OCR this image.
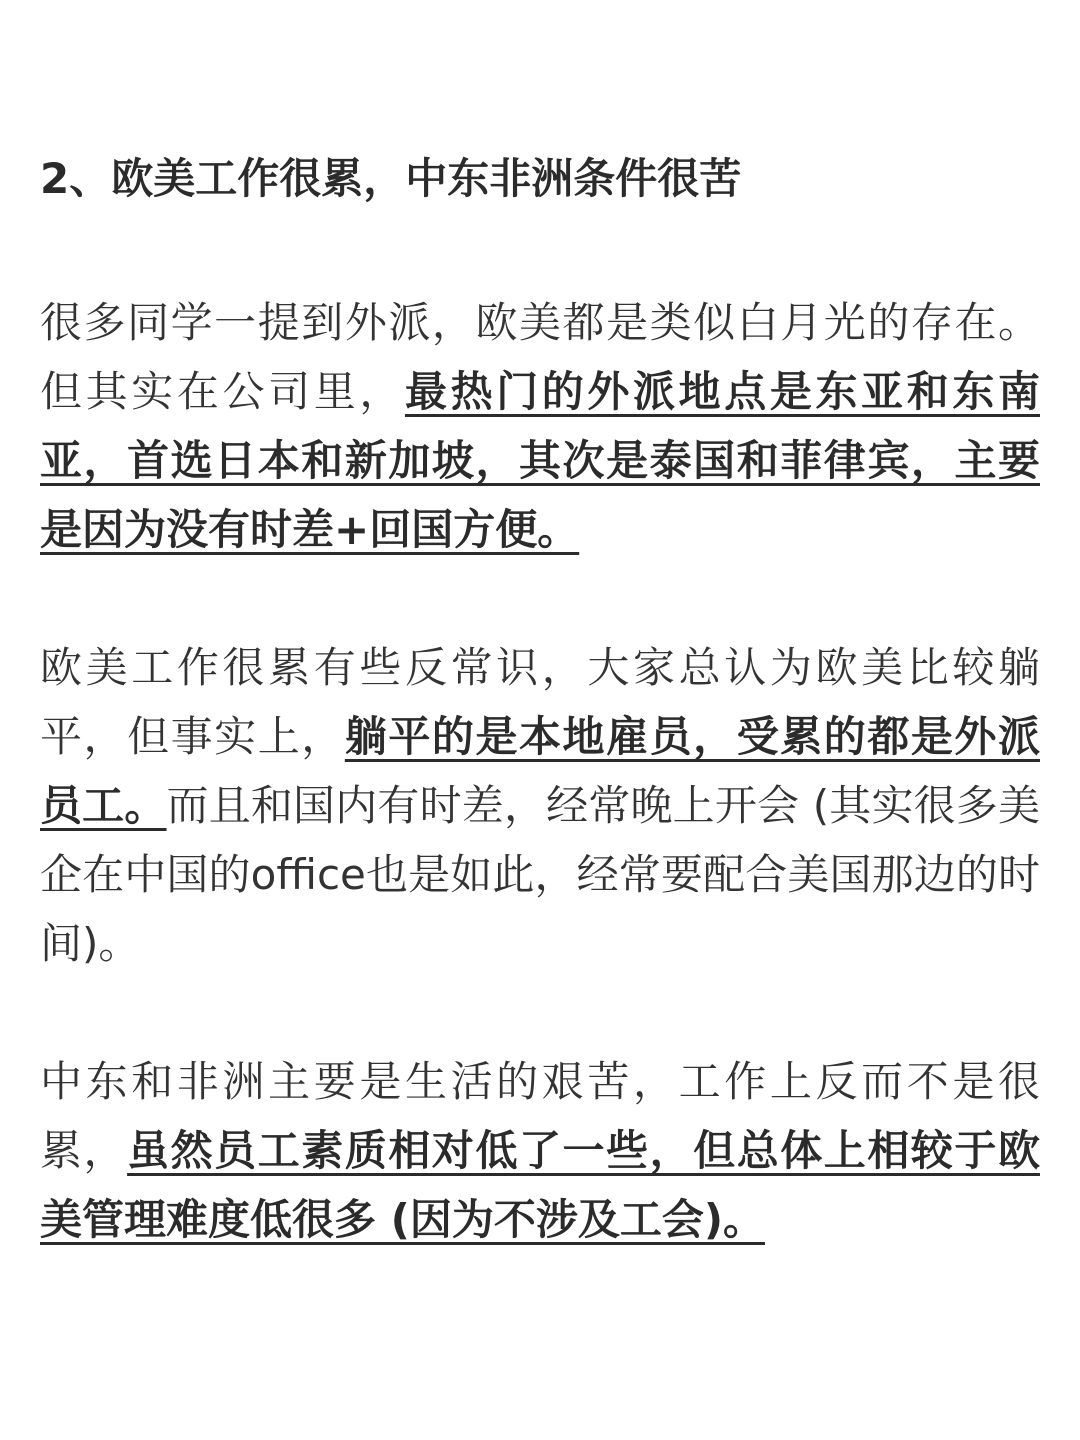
2、欧美工作很累，中东非洲条件很苦

很多同学一提到外派，欧美都是类似白月光的存在。但其实在公司里，最热门的外派地点是东亚和东南亚，首选日本和新加坡，其次是泰国和菲律宾，主要是因为没有时差+回国方便。

欧美工作很累有些反常识，大家总认为欧美比较躺平，但事实上，躺平的是本地雇员，受累的都是外派员工。而且和国内有时差，经常晚上开会 (其实很多美企在中国的office也是如此，经常要配合美国那边的时间)。

中东和非洲主要是生活的艰苦，工作上反而不是很累，虽然员工素质相对低了一些，但总体上相较于欧美管理难度低很多 (因为不涉及工会)。
